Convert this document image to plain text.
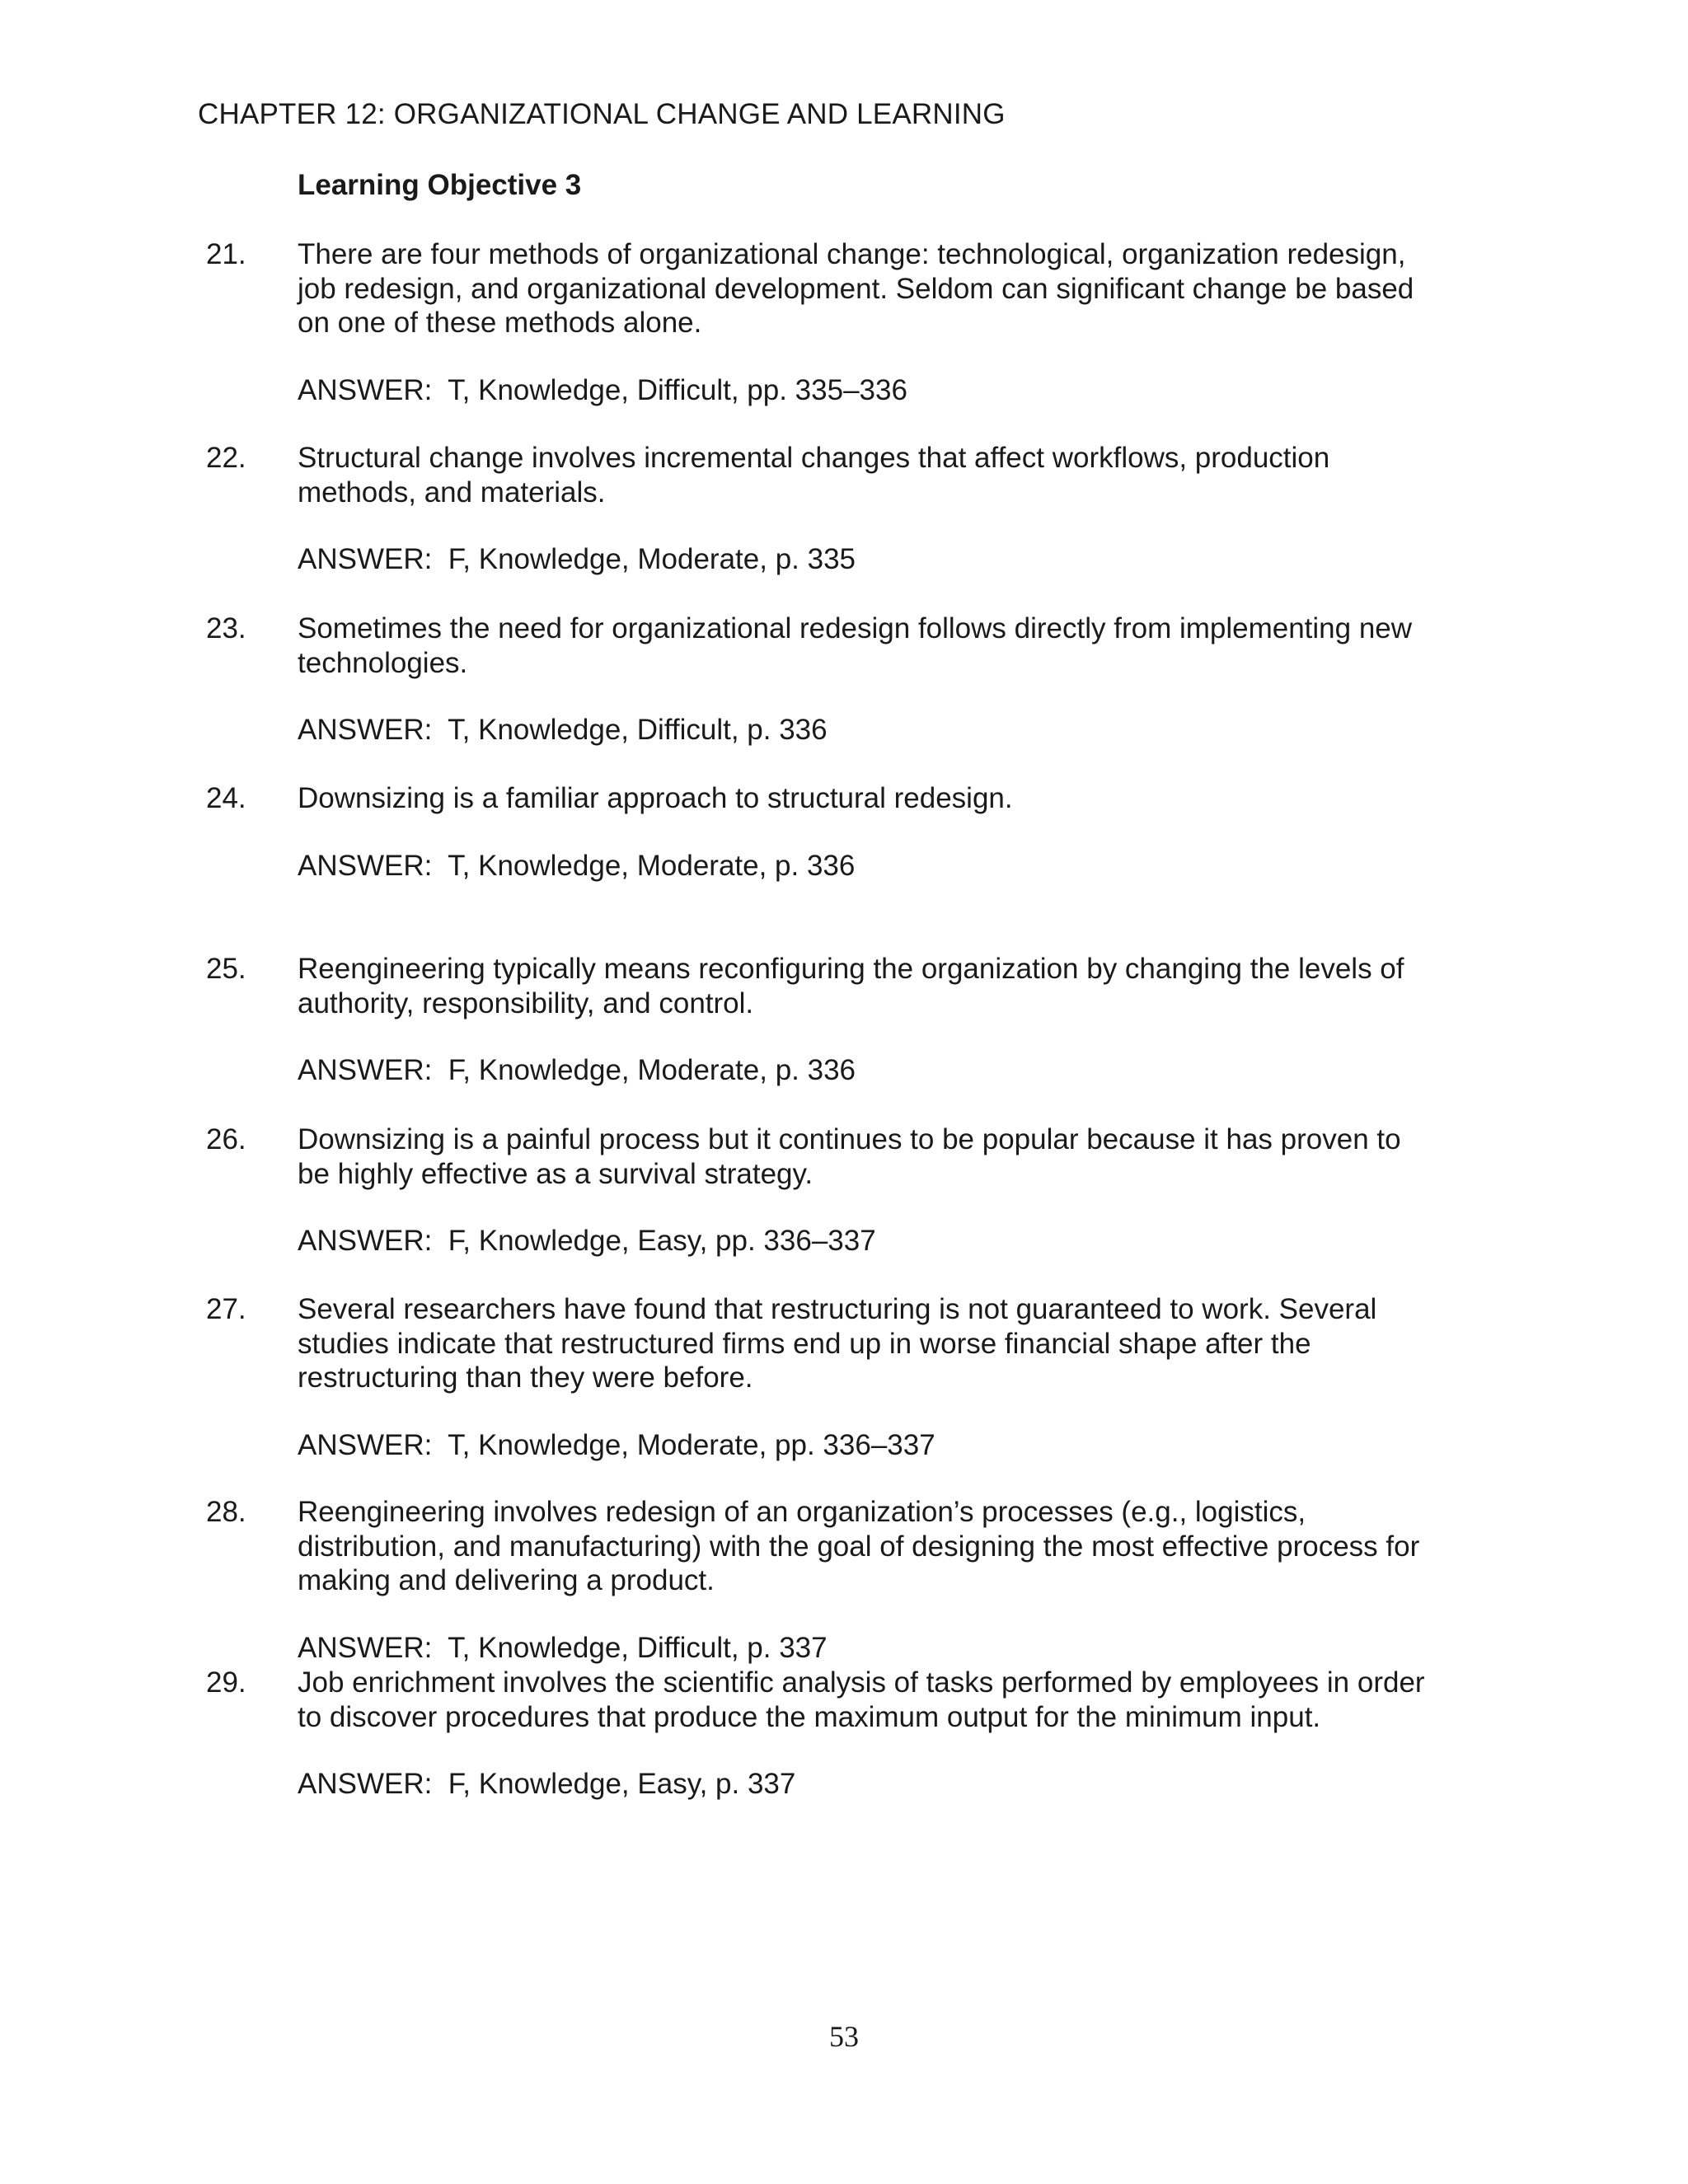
CHAPTER 12: ORGANIZATIONAL CHANGE AND LEARNING
Learning Objective 3
21. There are four methods of organizational change: technological, organization redesign,
job redesign, and organizational development. Seldom can significant change be based
on one of these methods alone.
ANSWER:  T, Knowledge, Difficult, pp. 335–336
22. Structural change involves incremental changes that affect workflows, production
methods, and materials.
ANSWER:  F, Knowledge, Moderate, p. 335
23. Sometimes the need for organizational redesign follows directly from implementing new
technologies.
ANSWER:  T, Knowledge, Difficult, p. 336
24. Downsizing is a familiar approach to structural redesign.
ANSWER:  T, Knowledge, Moderate, p. 336
25. Reengineering typically means reconfiguring the organization by changing the levels of
authority, responsibility, and control.
ANSWER:  F, Knowledge, Moderate, p. 336
26. Downsizing is a painful process but it continues to be popular because it has proven to
be highly effective as a survival strategy.
ANSWER:  F, Knowledge, Easy, pp. 336–337
27. Several researchers have found that restructuring is not guaranteed to work. Several
studies indicate that restructured firms end up in worse financial shape after the
restructuring than they were before.
ANSWER:  T, Knowledge, Moderate, pp. 336–337
28. Reengineering involves redesign of an organization’s processes (e.g., logistics,
distribution, and manufacturing) with the goal of designing the most effective process for
making and delivering a product.
ANSWER:  T, Knowledge, Difficult, p. 337
29. Job enrichment involves the scientific analysis of tasks performed by employees in order
to discover procedures that produce the maximum output for the minimum input.
ANSWER:  F, Knowledge, Easy, p. 337
53
